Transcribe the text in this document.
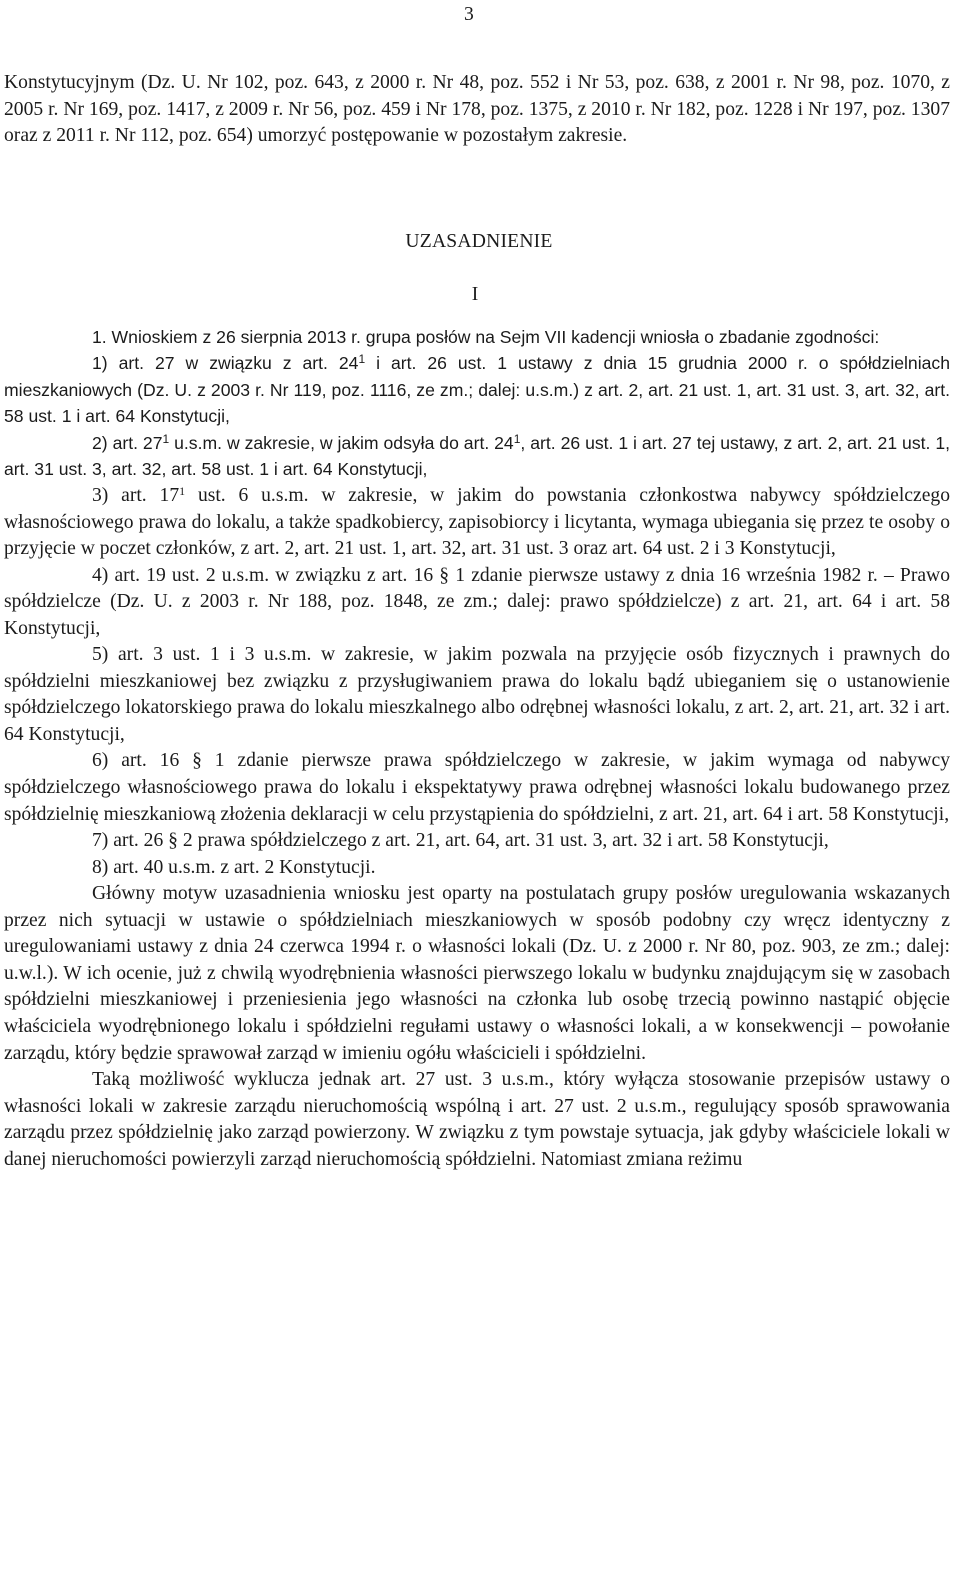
3

Konstytucyjnym (Dz. U. Nr 102, poz. 643, z 2000 r. Nr 48, poz. 552 i Nr 53, poz. 638, z 2001 r. Nr 98, poz. 1070, z 2005 r. Nr 169, poz. 1417, z 2009 r. Nr 56, poz. 459 i Nr 178, poz. 1375, z 2010 r. Nr 182, poz. 1228 i Nr 197, poz. 1307 oraz z 2011 r. Nr 112, poz. 654) umorzyć postępowanie w pozostałym zakresie.

UZASADNIENIE

I

1. Wnioskiem z 26 sierpnia 2013 r. grupa posłów na Sejm VII kadencji wniosła o zbadanie zgodności:

1) art. 27 w związku z art. $24^1$ i art. 26 ust. 1 ustawy z dnia 15 grudnia 2000 r. o spółdzielniach mieszkaniowych (Dz. U. z 2003 r. Nr 119, poz. 1116, ze zm.; dalej: u.s.m.) z art. 2, art. 21 ust. 1, art. 31 ust. 3, art. 32, art. 58 ust. 1 i art. 64 Konstytucji,

2) art. $27^1$ u.s.m. w zakresie, w jakim odsyła do art. $24^1$, art. 26 ust. 1 i art. 27 tej ustawy, z art. 2, art. 21 ust. 1, art. 31 ust. 3, art. 32, art. 58 ust. 1 i art. 64 Konstytucji,

3) art. $17^1$ ust. 6 u.s.m. w zakresie, w jakim do powstania członkostwa nabywcy spółdzielczego własnościowego prawa do lokalu, a także spadkobiercy, zapisobiorcy i licytanta, wymaga ubiegania się przez te osoby o przyjęcie w poczet członków, z art. 2, art. 21 ust. 1, art. 32, art. 31 ust. 3 oraz art. 64 ust. 2 i 3 Konstytucji,

4) art. 19 ust. 2 u.s.m. w związku z art. 16 § 1 zdanie pierwsze ustawy z dnia 16 września 1982 r. – Prawo spółdzielcze (Dz. U. z 2003 r. Nr 188, poz. 1848, ze zm.; dalej: prawo spółdzielcze) z art. 21, art. 64 i art. 58 Konstytucji,

5) art. 3 ust. 1 i 3 u.s.m. w zakresie, w jakim pozwala na przyjęcie osób fizycznych i prawnych do spółdzielni mieszkaniowej bez związku z przysługiwaniem prawa do lokalu bądź ubieganiem się o ustanowienie spółdzielczego lokatorskiego prawa do lokalu mieszkalnego albo odrębnej własności lokalu, z art. 2, art. 21, art. 32 i art. 64 Konstytucji,

6) art. 16 § 1 zdanie pierwsze prawa spółdzielczego w zakresie, w jakim wymaga od nabywcy spółdzielczego własnościowego prawa do lokalu i ekspektatywy prawa odrębnej własności lokalu budowanego przez spółdzielnię mieszkaniową złożenia deklaracji w celu przystąpienia do spółdzielni, z art. 21, art. 64 i art. 58 Konstytucji,

7) art. 26 § 2 prawa spółdzielczego z art. 21, art. 64, art. 31 ust. 3, art. 32 i art. 58 Konstytucji,

8) art. 40 u.s.m. z art. 2 Konstytucji.

Główny motyw uzasadnienia wniosku jest oparty na postulatach grupy posłów uregulowania wskazanych przez nich sytuacji w ustawie o spółdzielniach mieszkaniowych w sposób podobny czy wręcz identyczny z uregulowaniami ustawy z dnia 24 czerwca 1994 r. o własności lokali (Dz. U. z 2000 r. Nr 80, poz. 903, ze zm.; dalej: u.w.l.). W ich ocenie, już z chwilą wyodrębnienia własności pierwszego lokalu w budynku znajdującym się w zasobach spółdzielni mieszkaniowej i przeniesienia jego własności na członka lub osobę trzecią powinno nastąpić objęcie właściciela wyodrębnionego lokalu i spółdzielni regułami ustawy o własności lokali, a w konsekwencji – powołanie zarządu, który będzie sprawował zarząd w imieniu ogółu właścicieli i spółdzielni.

Taką możliwość wyklucza jednak art. 27 ust. 3 u.s.m., który wyłącza stosowanie przepisów ustawy o własności lokali w zakresie zarządu nieruchomością wspólną i art. 27 ust. 2 u.s.m., regulujący sposób sprawowania zarządu przez spółdzielnię jako zarząd powierzony. W związku z tym powstaje sytuacja, jak gdyby właściciele lokali w danej nieruchomości powierzyli zarząd nieruchomością spółdzielni. Natomiast zmiana reżimu
